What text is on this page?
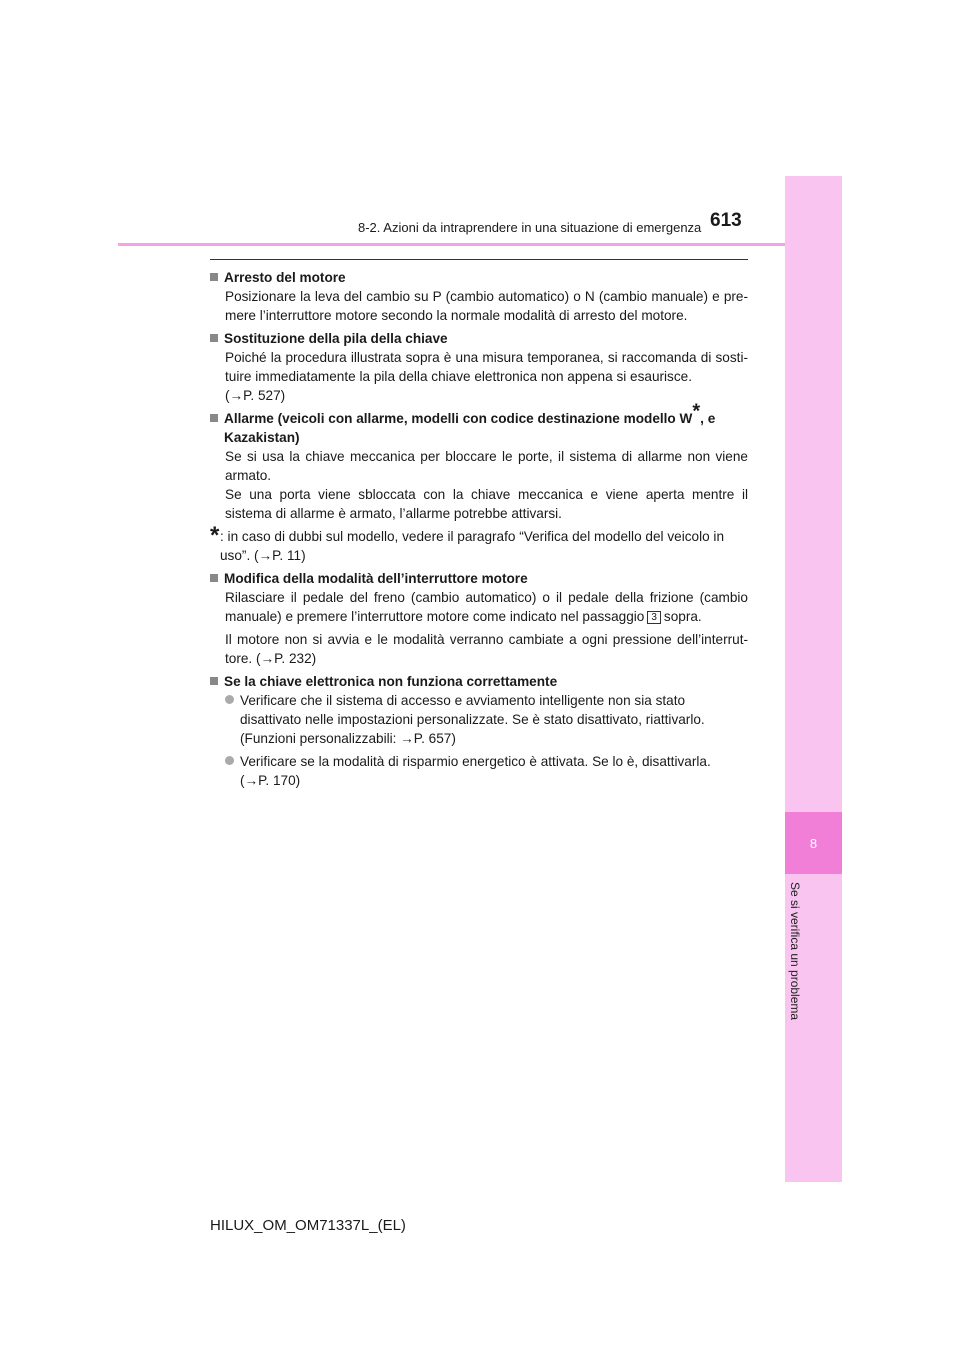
8
Se si verifica un problema
8-2. Azioni da intraprendere in una situazione di emergenza 613
Arresto del motore
Posizionare la leva del cambio su P (cambio automatico) o N (cambio manuale) e pre-mere l’interruttore motore secondo la normale modalità di arresto del motore.
Sostituzione della pila della chiave
Poiché la procedura illustrata sopra è una misura temporanea, si raccomanda di sosti-tuire immediatamente la pila della chiave elettronica non appena si esaurisce.
(→P. 527)
Allarme (veicoli con allarme, modelli con codice destinazione modello W*, e Kazakistan)
Se si usa la chiave meccanica per bloccare le porte, il sistema di allarme non viene armato.
Se una porta viene sbloccata con la chiave meccanica e viene aperta mentre il sistema di allarme è armato, l’allarme potrebbe attivarsi.
* : in caso di dubbi sul modello, vedere il paragrafo “Verifica del modello del veicolo in uso”. (→P. 11)
Modifica della modalità dell’interruttore motore
Rilasciare il pedale del freno (cambio automatico) o il pedale della frizione (cambio manuale) e premere l’interruttore motore come indicato nel passaggio 3 sopra.
Il motore non si avvia e le modalità verranno cambiate a ogni pressione dell’interrut-tore. (→P. 232)
Se la chiave elettronica non funziona correttamente
Verificare che il sistema di accesso e avviamento intelligente non sia stato disattivato nelle impostazioni personalizzate. Se è stato disattivato, riattivarlo.
(Funzioni personalizzabili: →P. 657)
Verificare se la modalità di risparmio energetico è attivata. Se lo è, disattivarla.
(→P. 170)
HILUX_OM_OM71337L_(EL)
